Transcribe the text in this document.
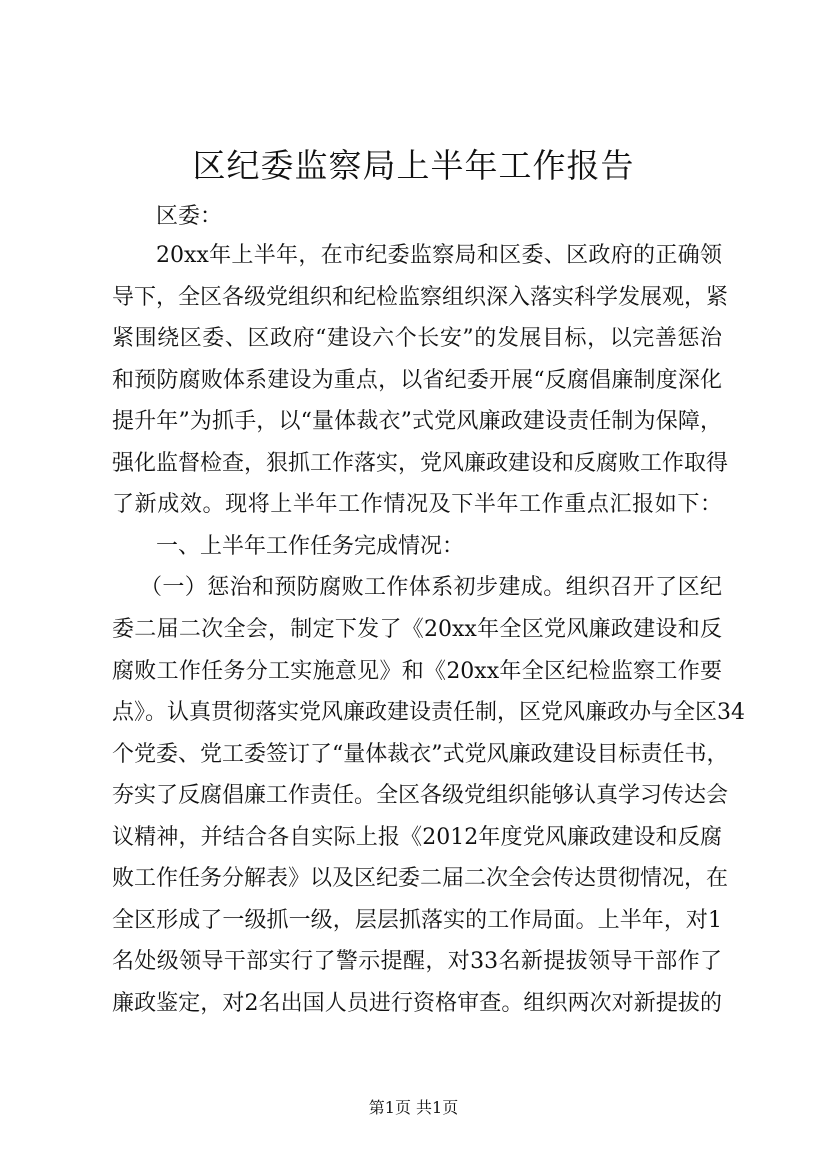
区纪委监察局上半年工作报告
区委：
20xx年上半年，在市纪委监察局和区委、区政府的正确领
导下，全区各级党组织和纪检监察组织深入落实科学发展观，紧
紧围绕区委、区政府“建设六个长安”的发展目标，以完善惩治
和预防腐败体系建设为重点，以省纪委开展“反腐倡廉制度深化
提升年”为抓手，以“量体裁衣”式党风廉政建设责任制为保障，
强化监督检查，狠抓工作落实，党风廉政建设和反腐败工作取得
了新成效。现将上半年工作情况及下半年工作重点汇报如下：
一、上半年工作任务完成情况：
（一）惩治和预防腐败工作体系初步建成。组织召开了区纪
委二届二次全会，制定下发了《20xx年全区党风廉政建设和反
腐败工作任务分工实施意见》和《20xx年全区纪检监察工作要
点》。认真贯彻落实党风廉政建设责任制，区党风廉政办与全区34
个党委、党工委签订了“量体裁衣”式党风廉政建设目标责任书，
夯实了反腐倡廉工作责任。全区各级党组织能够认真学习传达会
议精神，并结合各自实际上报《2012年度党风廉政建设和反腐
败工作任务分解表》以及区纪委二届二次全会传达贯彻情况，在
全区形成了一级抓一级，层层抓落实的工作局面。上半年，对1
名处级领导干部实行了警示提醒，对33名新提拔领导干部作了
廉政鉴定，对2名出国人员进行资格审查。组织两次对新提拔的
第1页 共1页
